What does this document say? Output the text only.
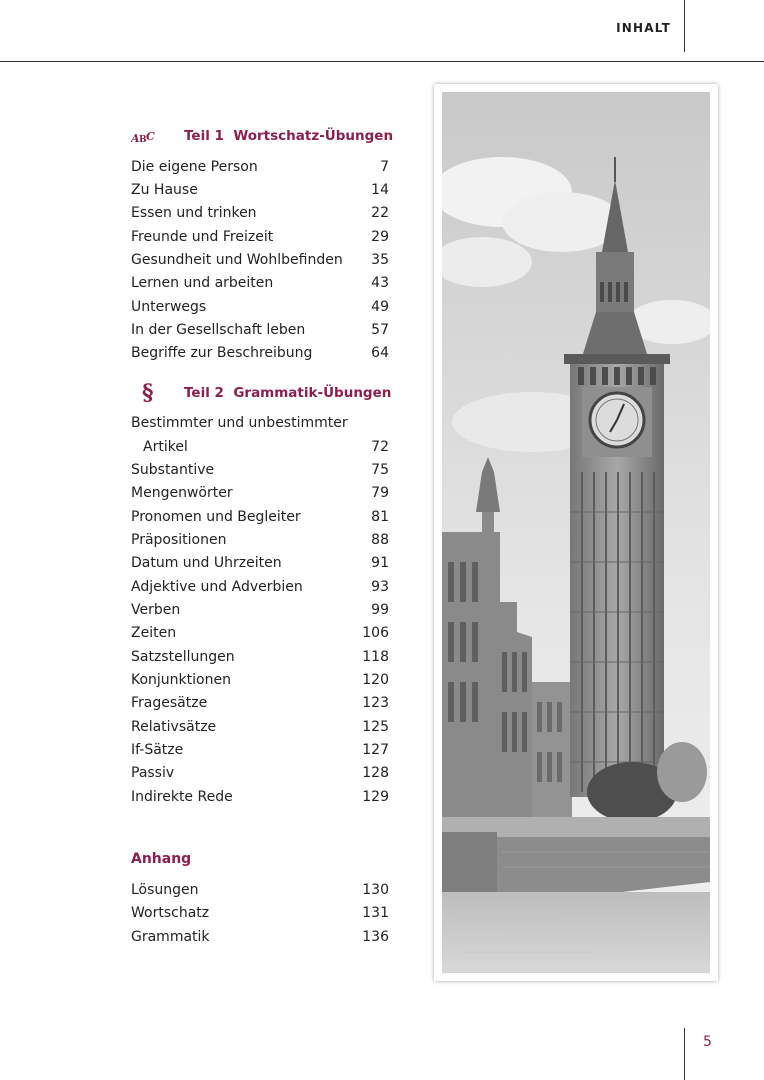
INHALT
A B C Teil 1 Wortschatz-Übungen
Die eigene Person	7
Zu Hause	14
Essen und trinken	22
Freunde und Freizeit	29
Gesundheit und Wohlbefinden 35
Lernen und arbeiten	43
Unterwegs	49
In der Gesellschaft leben	57
Begriffe zur Beschreibung	64
§ Teil 2 Grammatik-Übungen
Bestimmter und unbestimmter
Artikel	72
Substantive	75
Mengenwörter	79
Pronomen und Begleiter	81
Präpositionen	88
Datum und Uhrzeiten	91
Adjektive und Adverbien	93
Verben	99
Zeiten	106
Satzstellungen	118
Konjunktionen	120
Fragesätze	123
Relativsätze	125
If-Sätze	127
Passiv	128
Indirekte Rede	129
Anhang
Lösungen	130
Wortschatz	131
Grammatik	136
5
